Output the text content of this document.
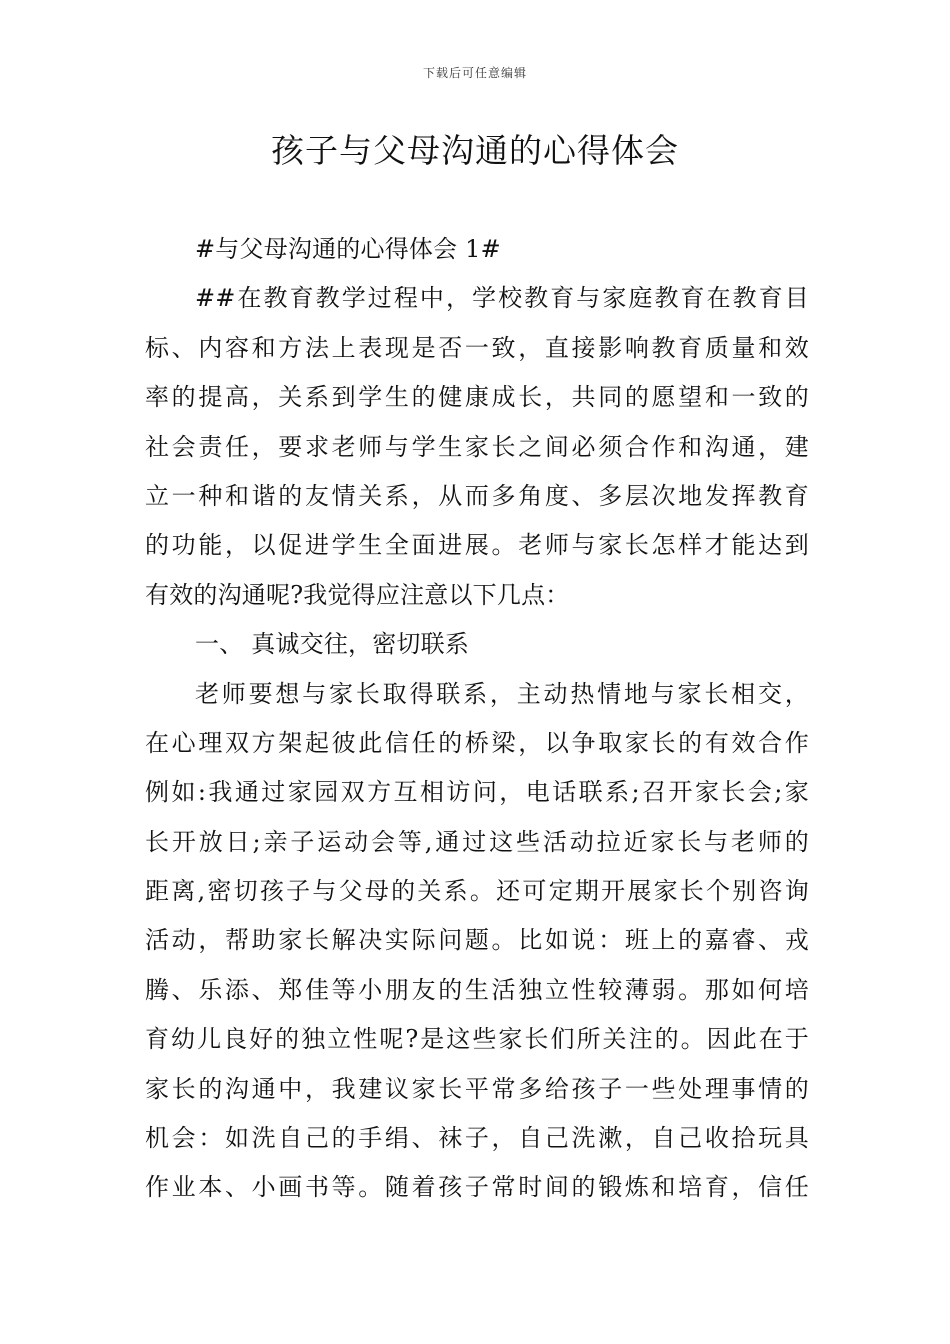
下载后可任意编辑
孩子与父母沟通的心得体会
#与父母沟通的心得体会 1#
##在教育教学过程中，学校教育与家庭教育在教育目
标、内容和方法上表现是否一致，直接影响教育质量和效
率的提高，关系到学生的健康成长，共同的愿望和一致的
社会责任，要求老师与学生家长之间必须合作和沟通，建
立一种和谐的友情关系，从而多角度、多层次地发挥教育
的功能，以促进学生全面进展。老师与家长怎样才能达到
有效的沟通呢?我觉得应注意以下几点：
一、 真诚交往，密切联系
老师要想与家长取得联系，主动热情地与家长相交，
在心理双方架起彼此信任的桥梁，以争取家长的有效合作
例如:我通过家园双方互相访问，电话联系;召开家长会;家
长开放日;亲子运动会等,通过这些活动拉近家长与老师的
距离,密切孩子与父母的关系。还可定期开展家长个别咨询
活动，帮助家长解决实际问题。比如说：班上的嘉睿、戎
腾、乐添、郑佳等小朋友的生活独立性较薄弱。那如何培
育幼儿良好的独立性呢?是这些家长们所关注的。因此在于
家长的沟通中，我建议家长平常多给孩子一些处理事情的
机会：如洗自己的手绢、袜子，自己洗漱，自己收拾玩具
作业本、小画书等。随着孩子常时间的锻炼和培育，信任
